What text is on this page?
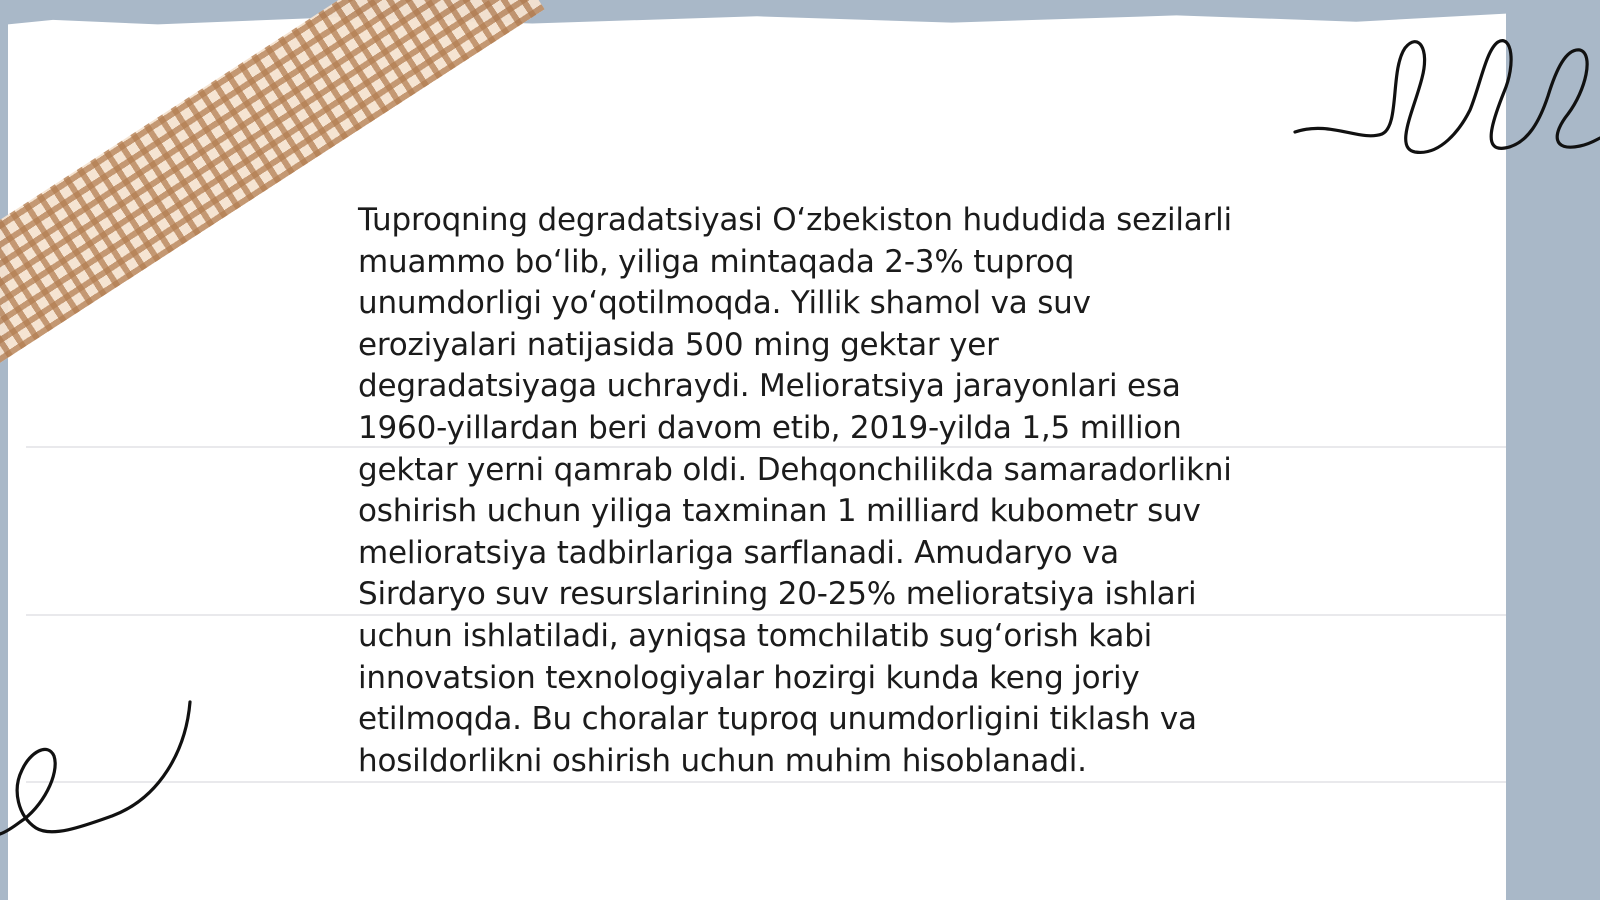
Tuproqning degradatsiyasi O‘zbekiston hududida sezilarli muammo bo‘lib, yiliga mintaqada 2-3% tuproq unumdorligi yo‘qotilmoqda. Yillik shamol va suv eroziyalari natijasida 500 ming gektar yer degradatsiyaga uchraydi. Melioratsiya jarayonlari esa 1960-yillardan beri davom etib, 2019-yilda 1,5 million gektar yerni qamrab oldi. Dehqonchilikda samaradorlikni oshirish uchun yiliga taxminan 1 milliard kubometr suv melioratsiya tadbirlariga sarflanadi. Amudaryo va Sirdaryo suv resurslarining 20-25% melioratsiya ishlari uchun ishlatiladi, ayniqsa tomchilatib sug‘orish kabi innovatsion texnologiyalar hozirgi kunda keng joriy etilmoqda. Bu choralar tuproq unumdorligini tiklash va hosildorlikni oshirish uchun muhim hisoblanadi.
